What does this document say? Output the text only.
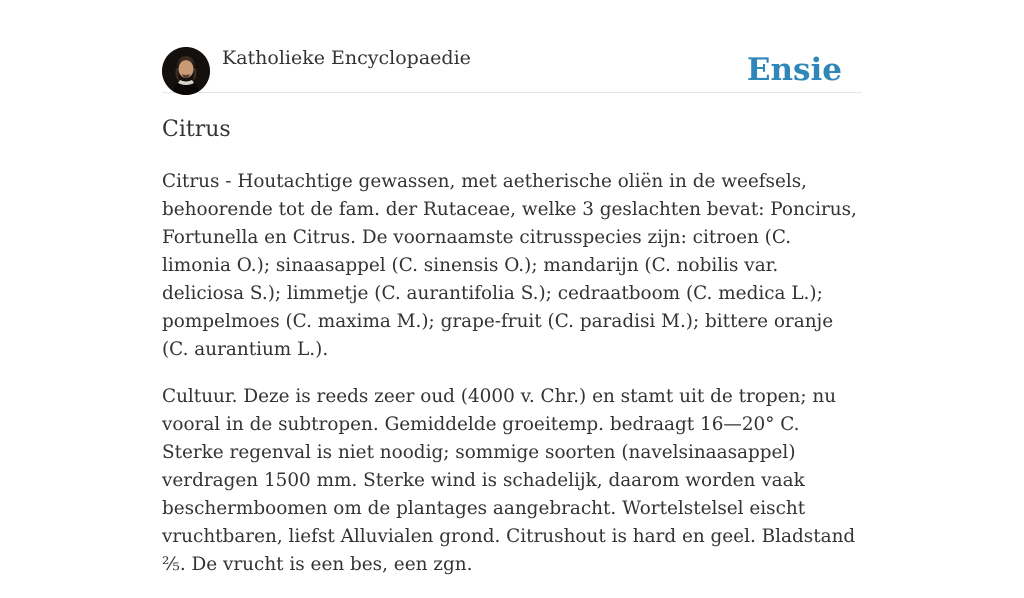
Katholieke Encyclopaedie	Ensie
Citrus

Citrus - Houtachtige gewassen, met aetherische oliën in de weefsels, behoorende tot de fam. der Rutaceae, welke 3 geslachten bevat: Poncirus, Fortunella en Citrus. De voornaamste citrusspecies zijn: citroen (C. limonia O.); sinaasappel (C. sinensis O.); mandarijn (C. nobilis var. deliciosa S.); limmetje (C. aurantifolia S.); cedraatboom (C. medica L.); pompelmoes (C. maxima M.); grape-fruit (C. paradisi M.); bittere oranje (C. aurantium L.).

Cultuur. Deze is reeds zeer oud (4000 v. Chr.) en stamt uit de tropen; nu vooral in de subtropen. Gemiddelde groeitemp. bedraagt 16—20° C. Sterke regenval is niet noodig; sommige soorten (navelsinaasappel) verdragen 1500 mm. Sterke wind is schadelijk, daarom worden vaak beschermboomen om de plantages aangebracht. Wortelstelsel eischt vruchtbaren, liefst Alluvialen grond. Citrushout is hard en geel. Bladstand ⅖. De vrucht is een bes, een zgn.
